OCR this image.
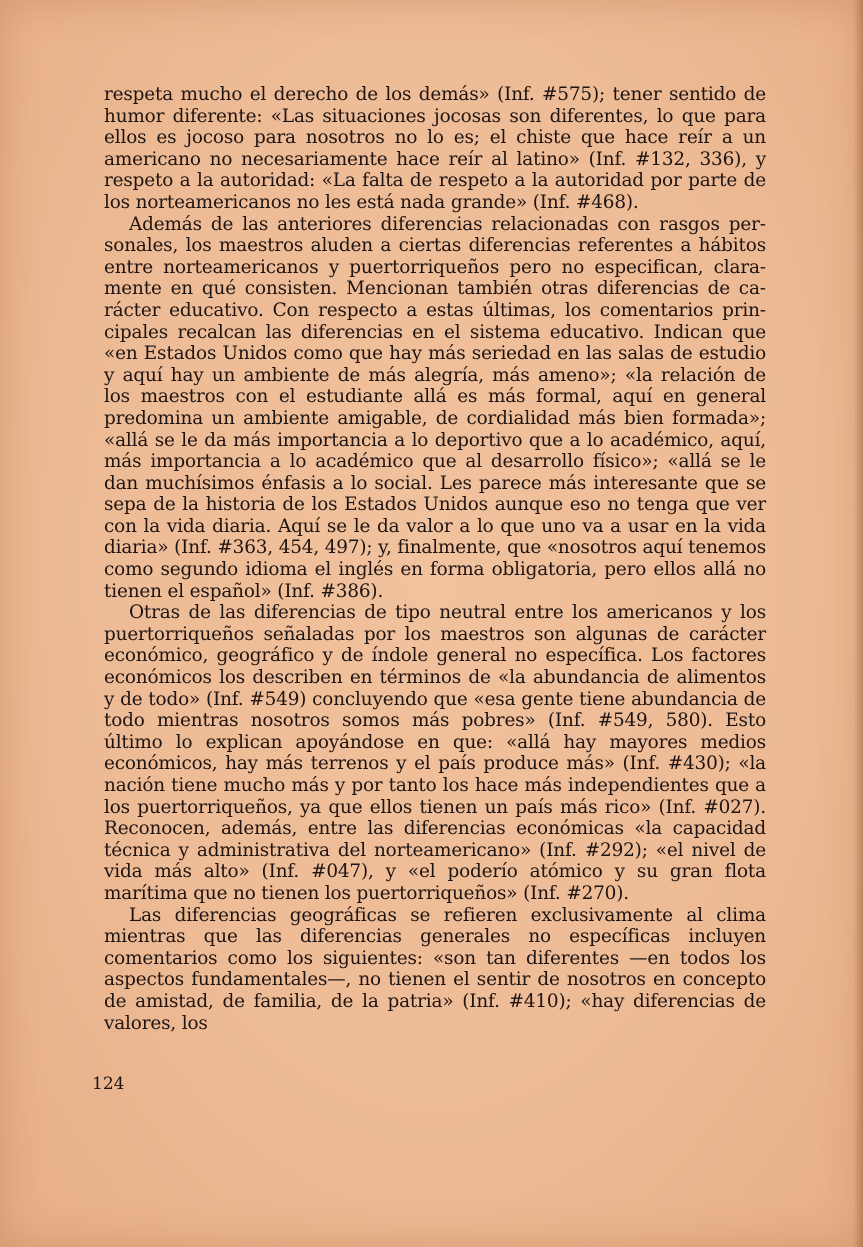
respeta mucho el derecho de los demás» (Inf. #575); tener sentido de humor diferente: «Las situaciones jocosas son diferentes, lo que para ellos es jocoso para nosotros no lo es; el chiste que hace reír a un americano no necesariamente hace reír al latino» (Inf. #132, 336), y respeto a la autoridad: «La falta de respeto a la autoridad por parte de los norteamericanos no les está nada grande» (Inf. #468).

Además de las anteriores diferencias relacionadas con rasgos personales, los maestros aluden a ciertas diferencias referentes a hábitos entre norteamericanos y puertorriqueños pero no especifican, claramente en qué consisten. Mencionan también otras diferencias de carácter educativo. Con respecto a estas últimas, los comentarios principales recalcan las diferencias en el sistema educativo. Indican que «en Estados Unidos como que hay más seriedad en las salas de estudio y aquí hay un ambiente de más alegría, más ameno»; «la relación de los maestros con el estudiante allá es más formal, aquí en general predomina un ambiente amigable, de cordialidad más bien formada»; «allá se le da más importancia a lo deportivo que a lo académico, aquí, más importancia a lo académico que al desarrollo físico»; «allá se le dan muchísimos énfasis a lo social. Les parece más interesante que se sepa de la historia de los Estados Unidos aunque eso no tenga que ver con la vida diaria. Aquí se le da valor a lo que uno va a usar en la vida diaria» (Inf. #363, 454, 497); y, finalmente, que «nosotros aquí tenemos como segundo idioma el inglés en forma obligatoria, pero ellos allá no tienen el español» (Inf. #386).

Otras de las diferencias de tipo neutral entre los americanos y los puertorriqueños señaladas por los maestros son algunas de carácter económico, geográfico y de índole general no específica. Los factores económicos los describen en términos de «la abundancia de alimentos y de todo» (Inf. #549) concluyendo que «esa gente tiene abundancia de todo mientras nosotros somos más pobres» (Inf. #549, 580). Esto último lo explican apoyándose en que: «allá hay mayores medios económicos, hay más terrenos y el país produce más» (Inf. #430); «la nación tiene mucho más y por tanto los hace más independientes que a los puertorriqueños, ya que ellos tienen un país más rico» (Inf. #027). Reconocen, además, entre las diferencias económicas «la capacidad técnica y administrativa del norteamericano» (Inf. #292); «el nivel de vida más alto» (Inf. #047), y «el poderío atómico y su gran flota marítima que no tienen los puertorriqueños» (Inf. #270).

Las diferencias geográficas se refieren exclusivamente al clima mientras que las diferencias generales no específicas incluyen comentarios como los siguientes: «son tan diferentes —en todos los aspectos fundamentales—, no tienen el sentir de nosotros en concepto de amistad, de familia, de la patria» (Inf. #410); «hay diferencias de valores, los

124
